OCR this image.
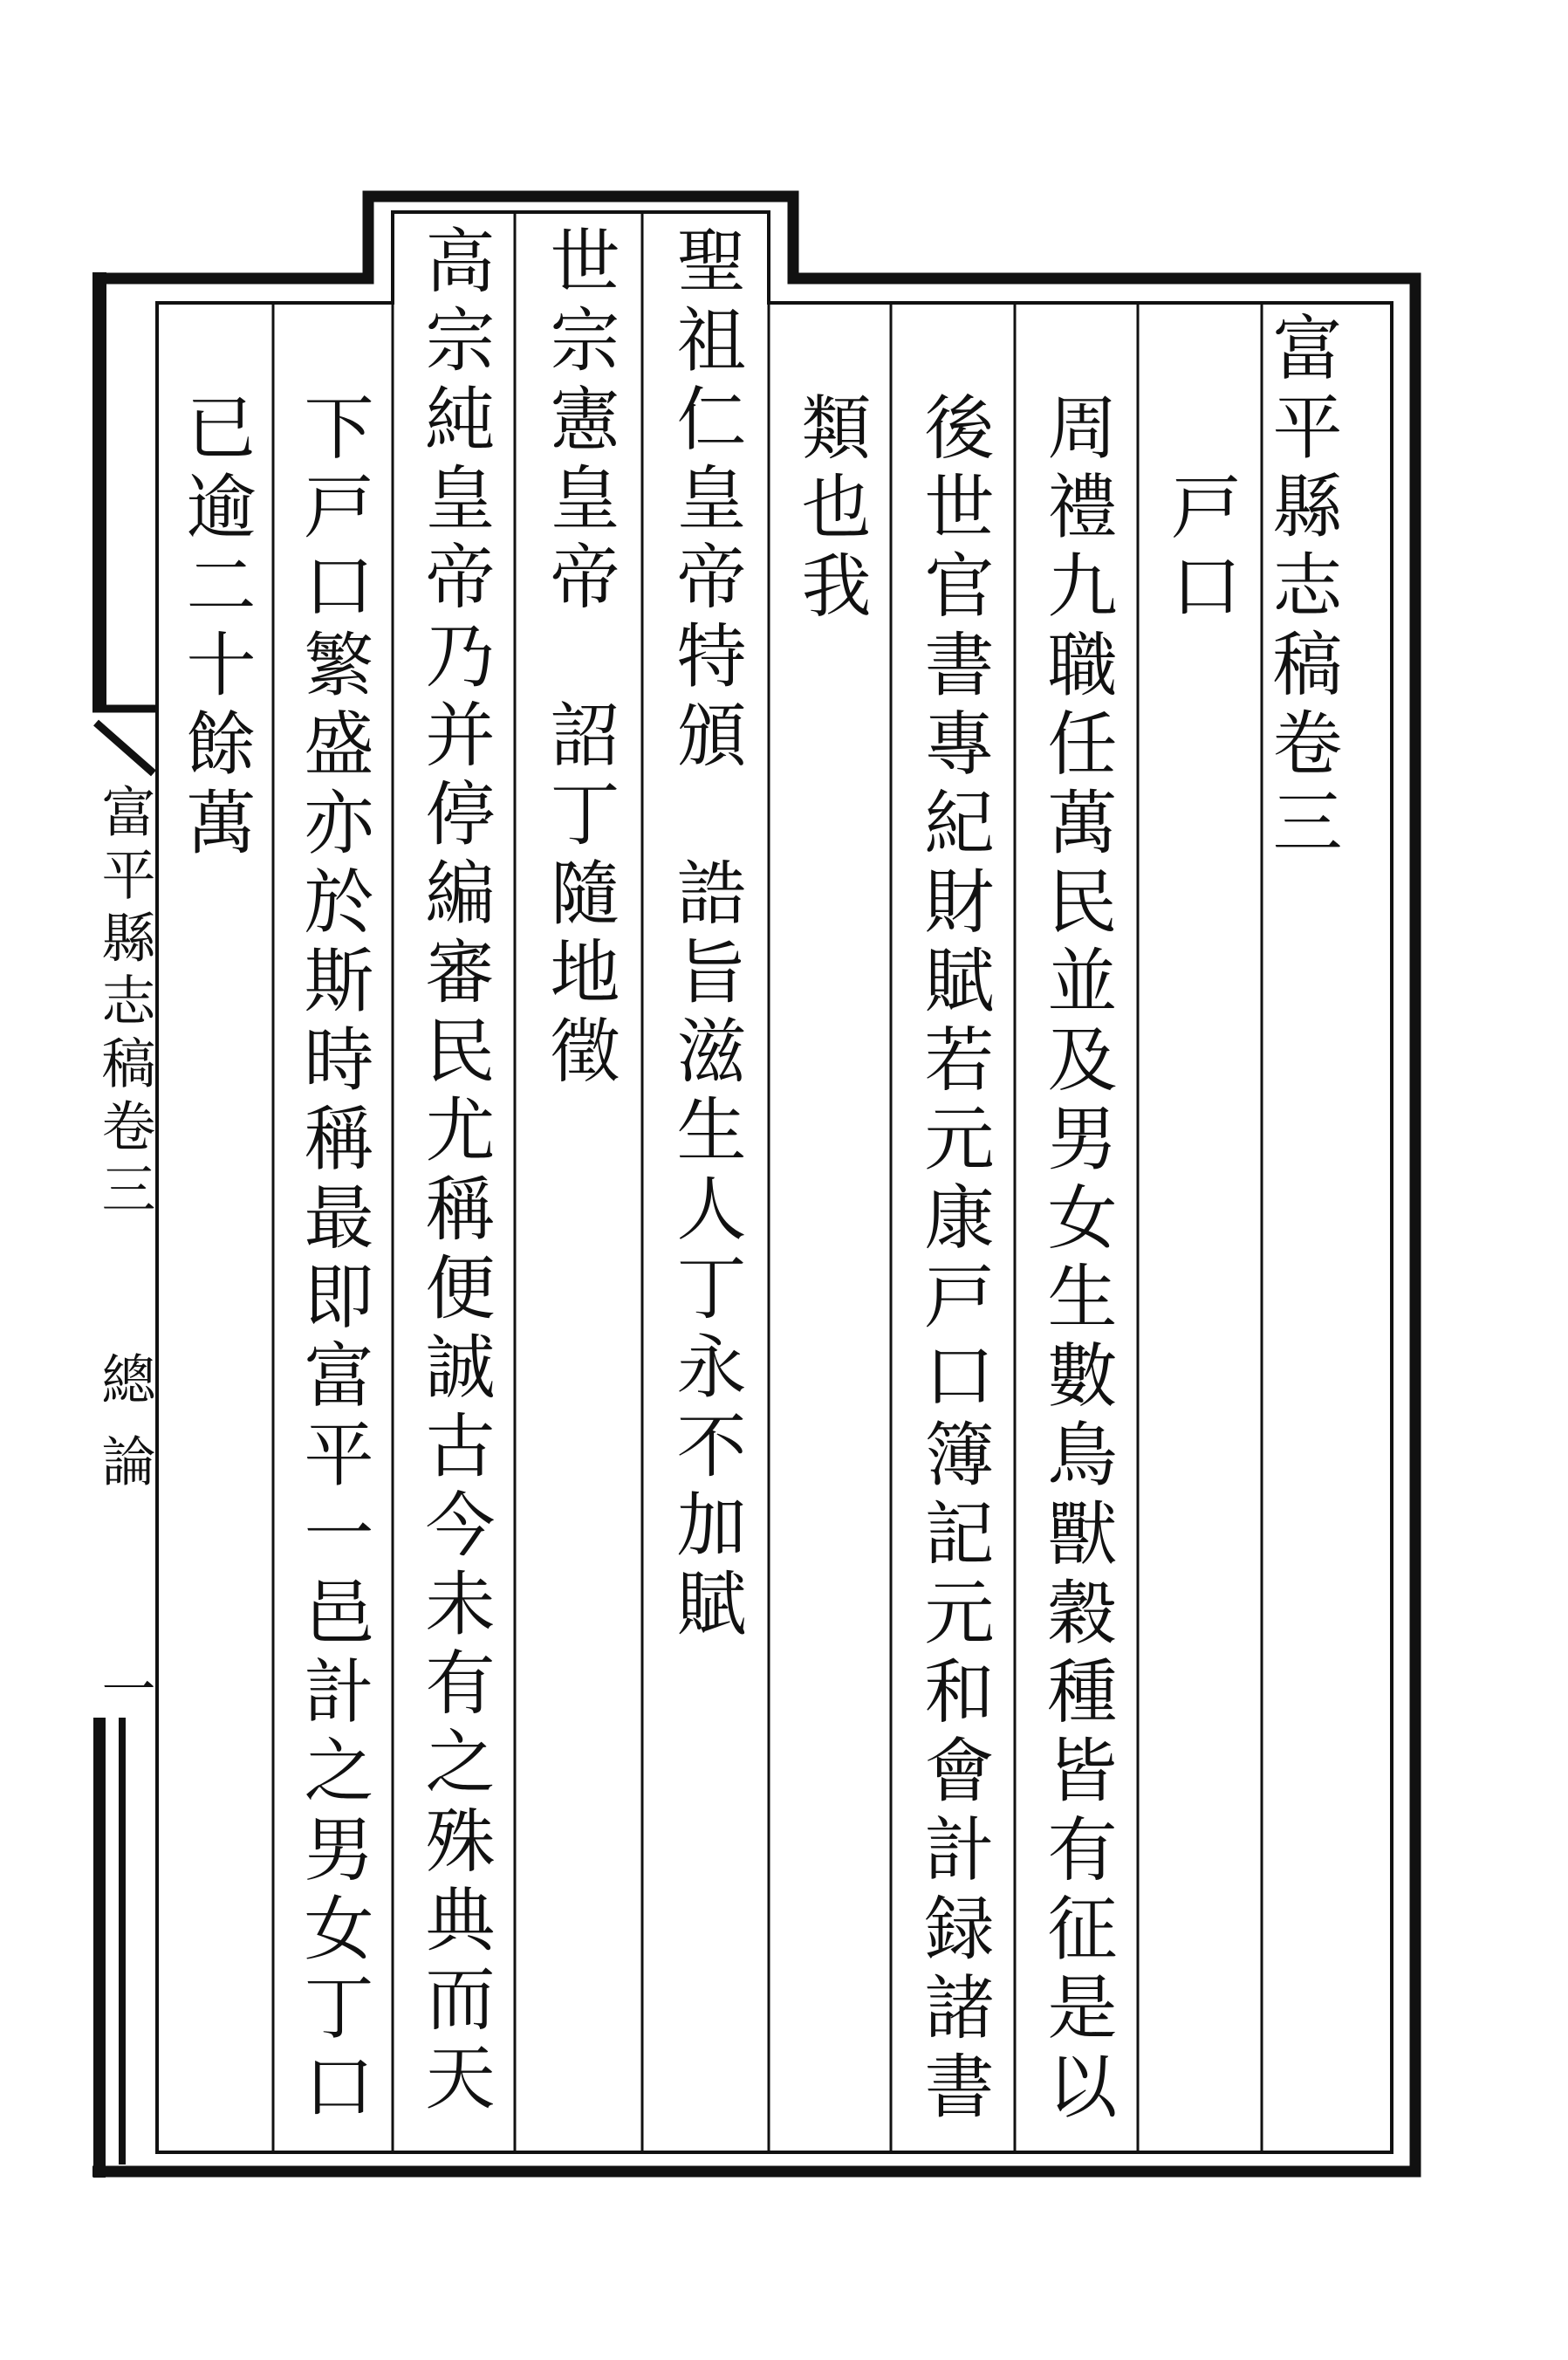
富平縣志稿卷三
戸口
周禮九職任萬民並及男女生數鳥獸穀種皆有征是以
後世官書專紀財賦若元康戸口簿記元和會計録諸書
類也我
聖祖仁皇帝特頒　誥旨滋生人丁永不加賦
世宗憲皇帝　詔丁隨地徵
高宗純皇帝乃并停編審民尤稱便誠古今未有之殊典而天
下戸口繁盛亦於斯時稱最即富平一邑計之男女丁口
已逾二十餘萬
富平縣志稿卷三
總論
一
